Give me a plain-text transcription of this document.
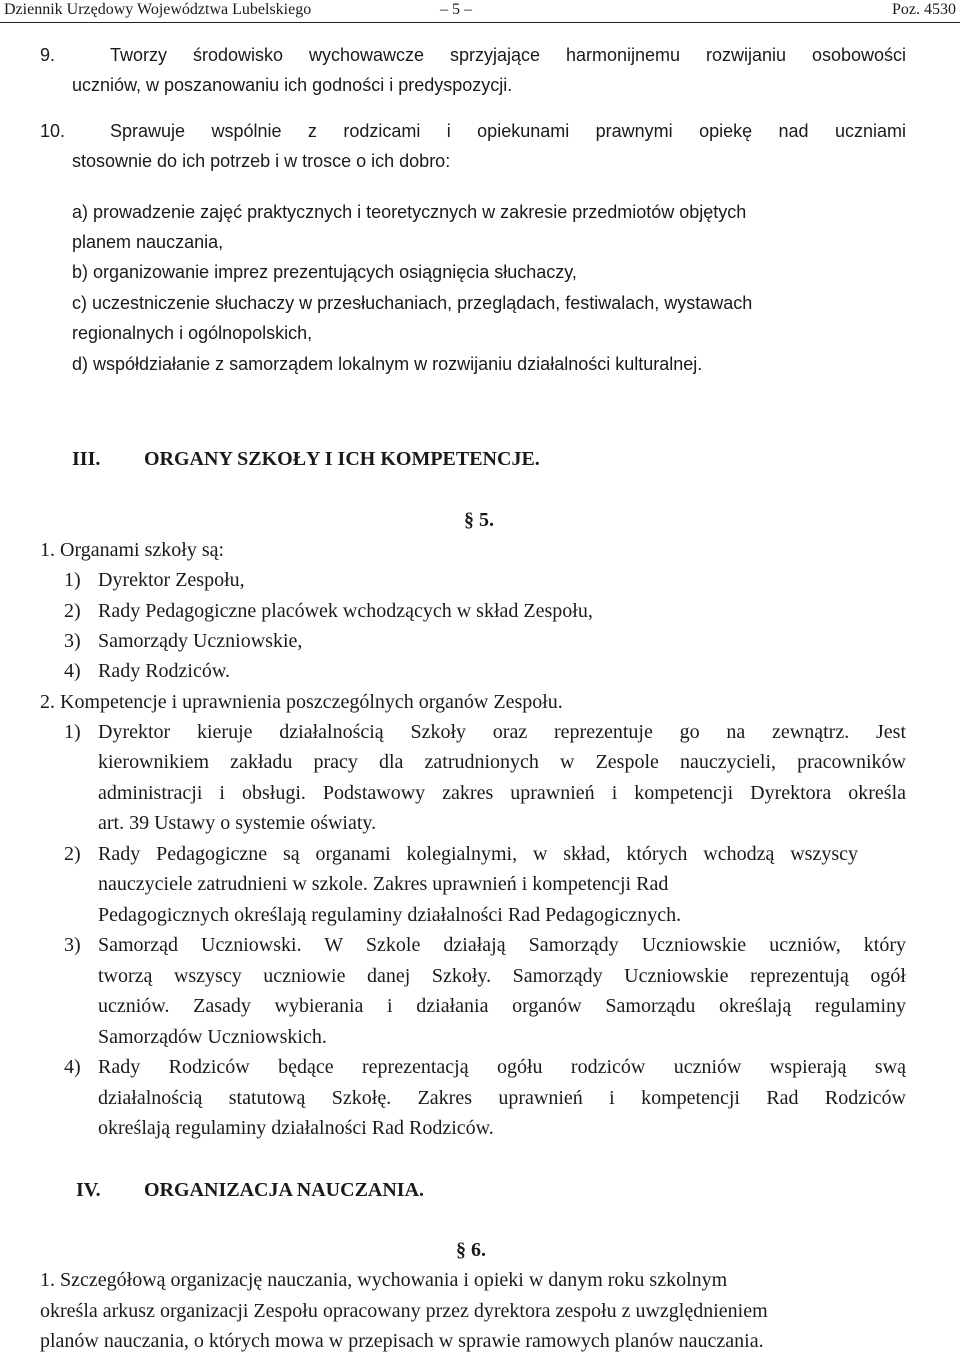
Dziennik Urzędowy Województwa Lubelskiego	– 5 –	Poz. 4530
9.	Tworzy środowisko wychowawcze sprzyjające harmonijnemu rozwijaniu osobowości
uczniów, w poszanowaniu ich godności i predyspozycji.
10. Sprawuje wspólnie z rodzicami i opiekunami prawnymi opiekę nad uczniami
stosownie do ich potrzeb i w trosce o ich dobro:
a) prowadzenie zajęć praktycznych i teoretycznych w zakresie przedmiotów objętych
planem nauczania,
b) organizowanie imprez prezentujących osiągnięcia słuchaczy,
c) uczestniczenie słuchaczy w przesłuchaniach, przeglądach, festiwalach, wystawach
regionalnych i ogólnopolskich,
d) współdziałanie z samorządem lokalnym w rozwijaniu działalności kulturalnej.
III. ORGANY SZKOŁY I ICH KOMPETENCJE.
§ 5.
1. Organami szkoły są:
1) Dyrektor Zespołu,
2) Rady Pedagogiczne placówek wchodzących w skład Zespołu,
3) Samorządy Uczniowskie,
4) Rady Rodziców.
2. Kompetencje i uprawnienia poszczególnych organów Zespołu.
1) Dyrektor kieruje działalnością Szkoły oraz reprezentuje go na zewnątrz. Jest
kierownikiem zakładu pracy dla zatrudnionych w Zespole nauczycieli, pracowników
administracji i obsługi. Podstawowy zakres uprawnień i kompetencji Dyrektora określa
art. 39 Ustawy o systemie oświaty.
2) Rady Pedagogiczne są organami kolegialnymi, w skład, których wchodzą wszyscy
nauczyciele zatrudnieni w szkole. Zakres uprawnień i kompetencji Rad
Pedagogicznych określają regulaminy działalności Rad Pedagogicznych.
3) Samorząd Uczniowski. W Szkole działają Samorządy Uczniowskie uczniów, który
tworzą wszyscy uczniowie danej Szkoły. Samorządy Uczniowskie reprezentują ogół
uczniów. Zasady wybierania i działania organów Samorządu określają regulaminy
Samorządów Uczniowskich.
4) Rady Rodziców będące reprezentacją ogółu rodziców uczniów wspierają swą
działalnością statutową Szkołę. Zakres uprawnień i kompetencji Rad Rodziców
określają regulaminy działalności Rad Rodziców.
IV. ORGANIZACJA NAUCZANIA.
§ 6.
1. Szczegółową organizację nauczania, wychowania i opieki w danym roku szkolnym
określa arkusz organizacji Zespołu opracowany przez dyrektora zespołu z uwzględnieniem
planów nauczania, o których mowa w przepisach w sprawie ramowych planów nauczania.
